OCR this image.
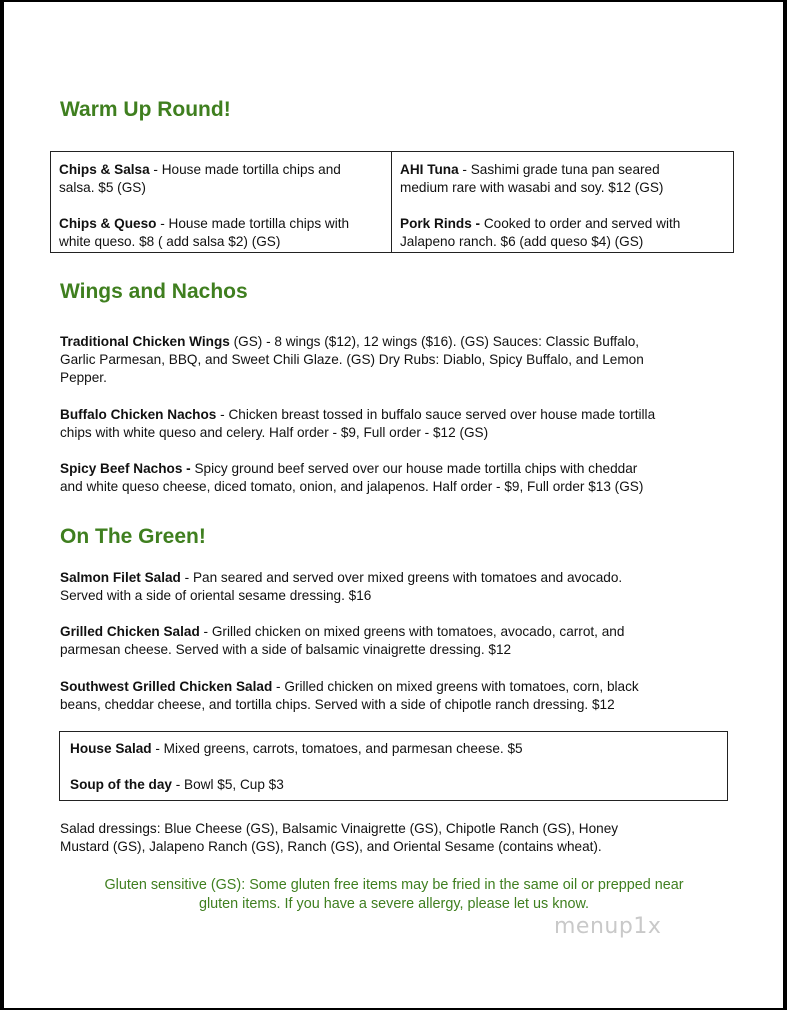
Warm Up Round!
Chips & Salsa - House made tortilla chips and
salsa. $5 (GS)
AHI Tuna - Sashimi grade tuna pan seared
medium rare with wasabi and soy. $12 (GS)
Chips & Queso - House made tortilla chips with
white queso. $8 ( add salsa $2) (GS)
Pork Rinds - Cooked to order and served with
Jalapeno ranch. $6 (add queso $4) (GS)
Wings and Nachos
Traditional Chicken Wings (GS) - 8 wings ($12), 12 wings ($16). (GS) Sauces: Classic Buffalo,
Garlic Parmesan, BBQ, and Sweet Chili Glaze. (GS) Dry Rubs: Diablo, Spicy Buffalo, and Lemon
Pepper.
Buffalo Chicken Nachos - Chicken breast tossed in buffalo sauce served over house made tortilla
chips with white queso and celery. Half order - $9, Full order - $12 (GS)
Spicy Beef Nachos - Spicy ground beef served over our house made tortilla chips with cheddar
and white queso cheese, diced tomato, onion, and jalapenos. Half order - $9, Full order $13 (GS)
On The Green!
Salmon Filet Salad - Pan seared and served over mixed greens with tomatoes and avocado.
Served with a side of oriental sesame dressing. $16
Grilled Chicken Salad - Grilled chicken on mixed greens with tomatoes, avocado, carrot, and
parmesan cheese. Served with a side of balsamic vinaigrette dressing. $12
Southwest Grilled Chicken Salad - Grilled chicken on mixed greens with tomatoes, corn, black
beans, cheddar cheese, and tortilla chips. Served with a side of chipotle ranch dressing. $12
House Salad - Mixed greens, carrots, tomatoes, and parmesan cheese. $5
Soup of the day - Bowl $5, Cup $3
Salad dressings: Blue Cheese (GS), Balsamic Vinaigrette (GS), Chipotle Ranch (GS), Honey
Mustard (GS), Jalapeno Ranch (GS), Ranch (GS), and Oriental Sesame (contains wheat).
Gluten sensitive (GS): Some gluten free items may be fried in the same oil or prepped near
gluten items. If you have a severe allergy, please let us know.
menup1x
